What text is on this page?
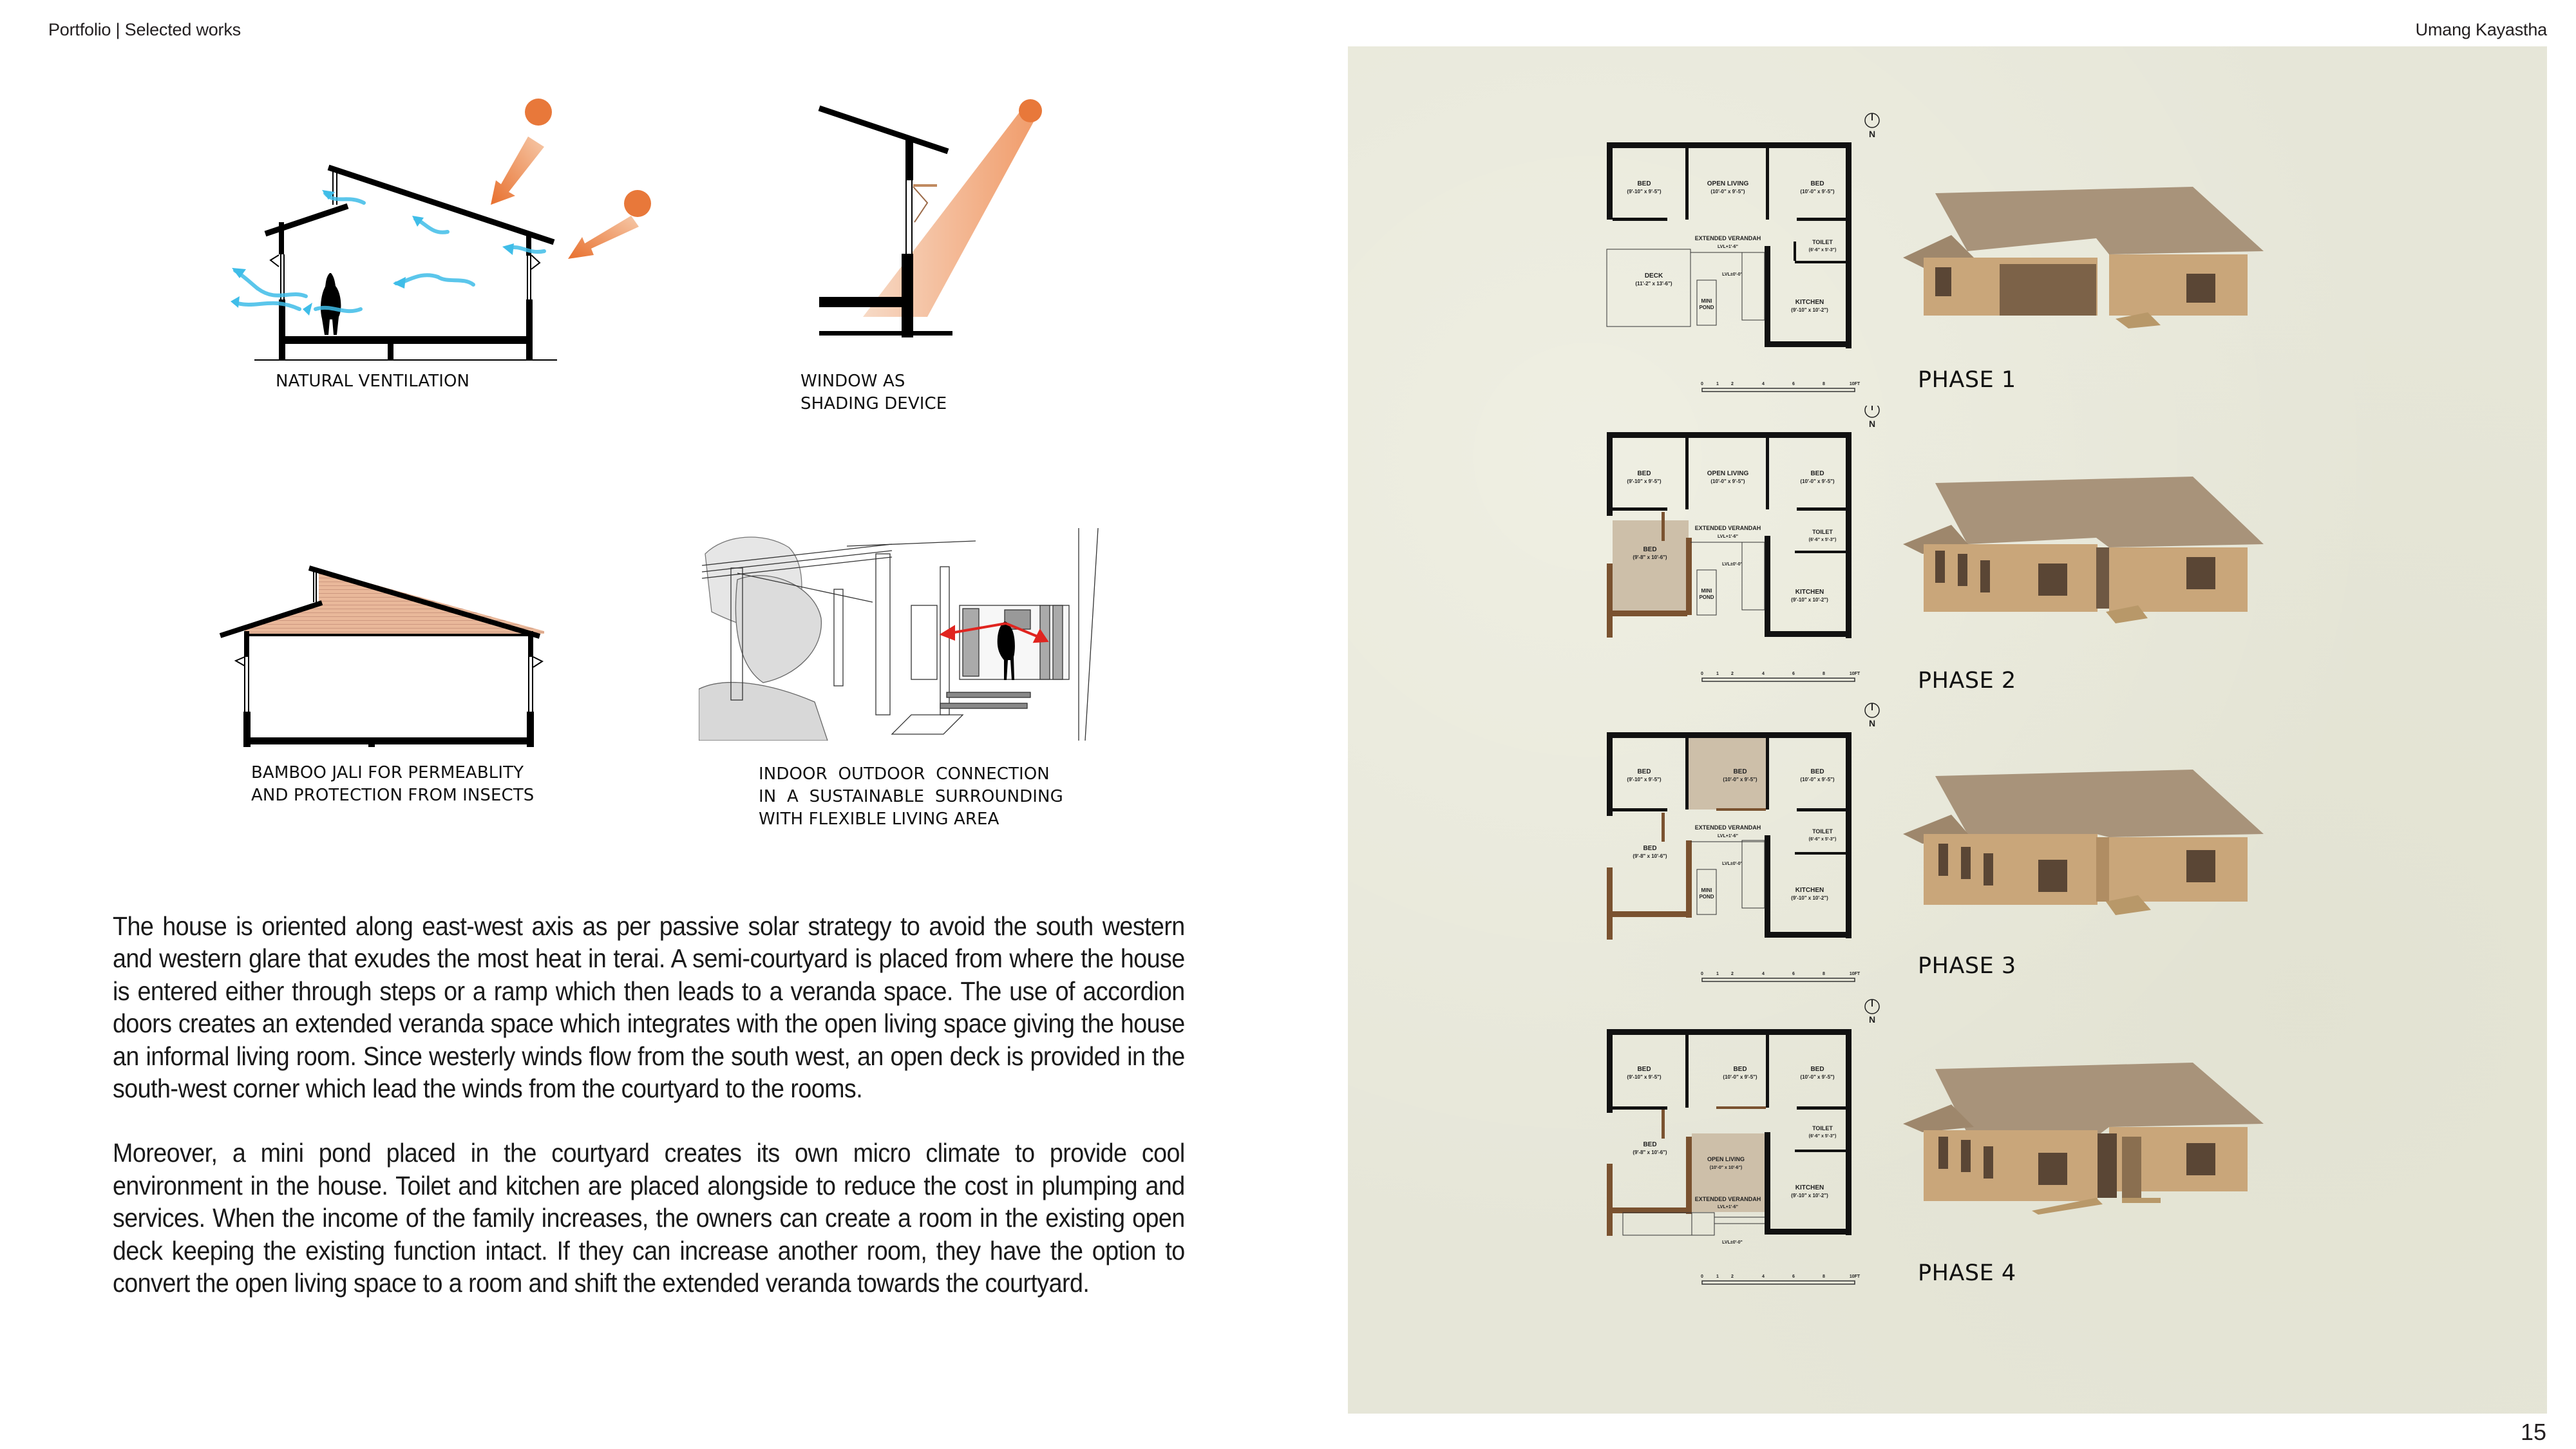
Portfolio | Selected works	Umang Kayastha
NATURAL VENTILATION	WINDOW AS
SHADING DEVICE
BAMBOO JALI FOR PERMEABLITY
AND PROTECTION FROM INSECTS
INDOOR  OUTDOOR  CONNECTION
IN  A  SUSTAINABLE  SURROUNDING
WITH FLEXIBLE LIVING AREA

The house is oriented along east-west axis as per passive solar strategy to avoid the south western and western glare that exudes the most heat in terai. A semi-courtyard is placed from where the house is entered either through steps or a ramp which then leads to a veranda space. The use of accordion doors creates an extended veranda space which integrates with the open living space giving the house an informal living room. Since westerly winds flow from the south west, an open deck is provided in the south-west corner which lead the winds from the courtyard to the rooms.

Moreover, a mini pond placed in the courtyard creates its own micro climate to provide cool environment in the house. Toilet and kitchen are placed alongside to reduce the cost in plumping and services. When the income of the family increases, the owners can create a room in the existing open deck keeping the existing function intact. If they can increase another room, they have the option to convert the open living space to a room and shift the extended veranda towards the courtyard.

N
BED
(9'-10" x 9'-5")
OPEN LIVING
(10'-0" x 9'-5")
BED
(10'-0" x 9'-5")
EXTENDED VERANDAH
LVL+1'-6"
DECK
(11'-2" x 13'-6")
MINI
POND
LVL±0'-0"
TOILET
(6'-6" x 5'-3")
KITCHEN
(9'-10" x 10'-2")
0	1	2	4	6	8	10FT	PHASE 1
N
BED
(9'-10" x 9'-5")
OPEN LIVING
(10'-0" x 9'-5")
BED
(10'-0" x 9'-5")
EXTENDED VERANDAH
LVL+1'-6"
BED
(9'-8" x 10'-6")
MINI
POND
LVL±0'-0"
TOILET
(6'-6" x 5'-3")
KITCHEN
(9'-10" x 10'-2")
0	1	2	4	6	8	10FT	PHASE 2
N
BED
(9'-10" x 9'-5")
BED
(10'-0" x 9'-5")
BED
(10'-0" x 9'-5")
EXTENDED VERANDAH
LVL+1'-6"
BED
(9'-8" x 10'-6")
MINI
POND
LVL±0'-0"
TOILET
(6'-6" x 5'-3")
KITCHEN
(9'-10" x 10'-2")
0	1	2	4	6	8	10FT	PHASE 3
N
BED
(9'-10" x 9'-5")
BED
(10'-0" x 9'-5")
BED
(10'-0" x 9'-5")
BED
(9'-8" x 10'-6")
OPEN LIVING
(10'-0" x 10'-6")
EXTENDED VERANDAH
LVL+1'-6"
LVL±0'-0"
TOILET
(6'-6" x 5'-3")
KITCHEN
(9'-10" x 10'-2")
0	1	2	4	6	8	10FT	PHASE 4
15
